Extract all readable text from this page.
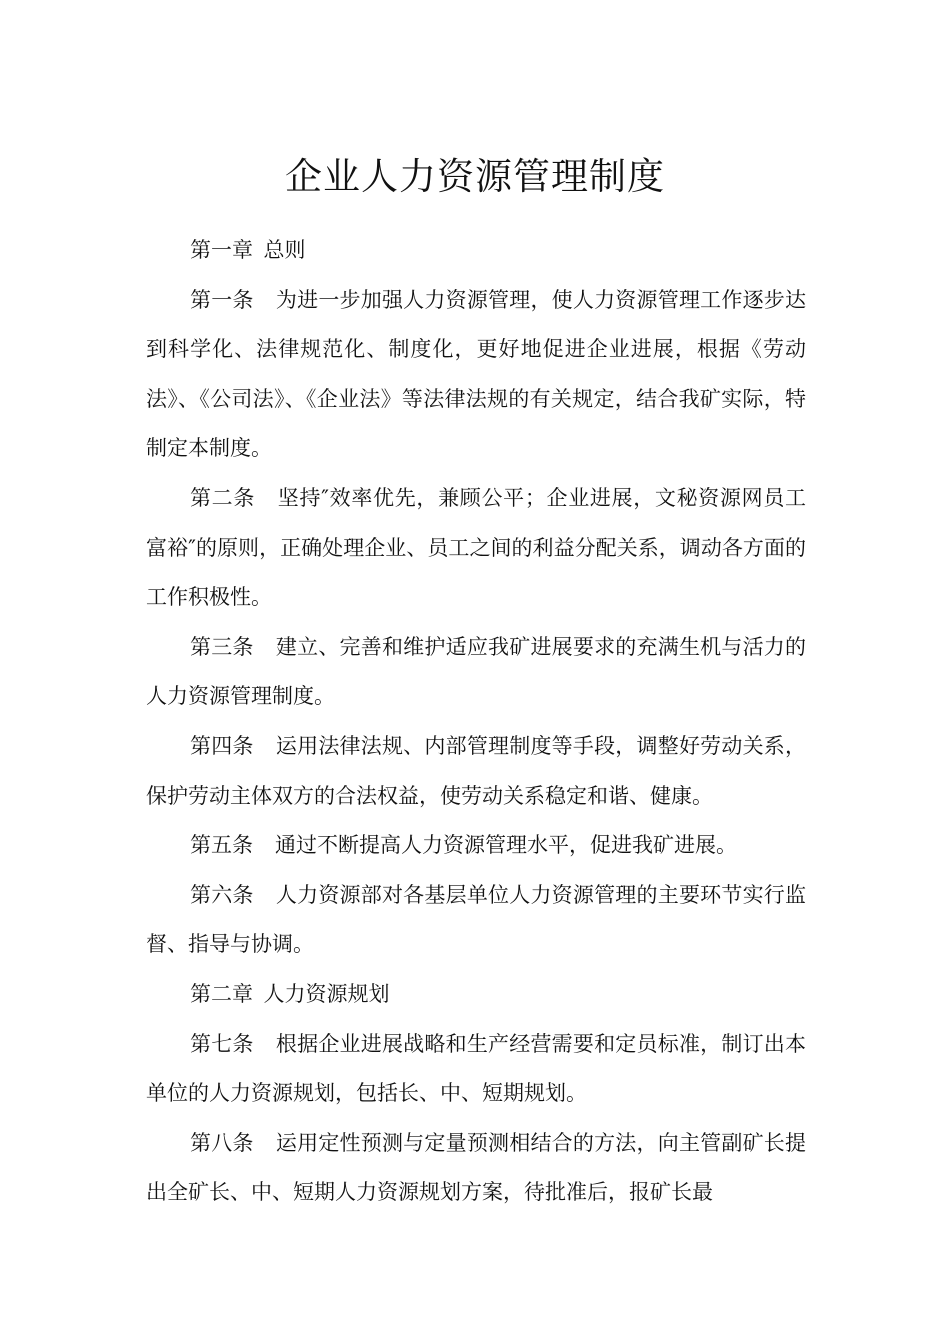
企业人力资源管理制度

第一章 总则

第一条 为进一步加强人力资源管理，使人力资源管理工作逐步达到科学化、法律规范化、制度化，更好地促进企业进展，根据《劳动法》、《公司法》、《企业法》等法律法规的有关规定，结合我矿实际，特制定本制度。

第二条 坚持″效率优先，兼顾公平；企业进展，文秘资源网员工富裕″的原则，正确处理企业、员工之间的利益分配关系，调动各方面的工作积极性。

第三条 建立、完善和维护适应我矿进展要求的充满生机与活力的人力资源管理制度。

第四条 运用法律法规、内部管理制度等手段，调整好劳动关系，保护劳动主体双方的合法权益，使劳动关系稳定和谐、健康。

第五条 通过不断提高人力资源管理水平，促进我矿进展。

第六条 人力资源部对各基层单位人力资源管理的主要环节实行监督、指导与协调。

第二章 人力资源规划

第七条 根据企业进展战略和生产经营需要和定员标准，制订出本单位的人力资源规划，包括长、中、短期规划。

第八条 运用定性预测与定量预测相结合的方法，向主管副矿长提出全矿长、中、短期人力资源规划方案，待批准后，报矿长最
